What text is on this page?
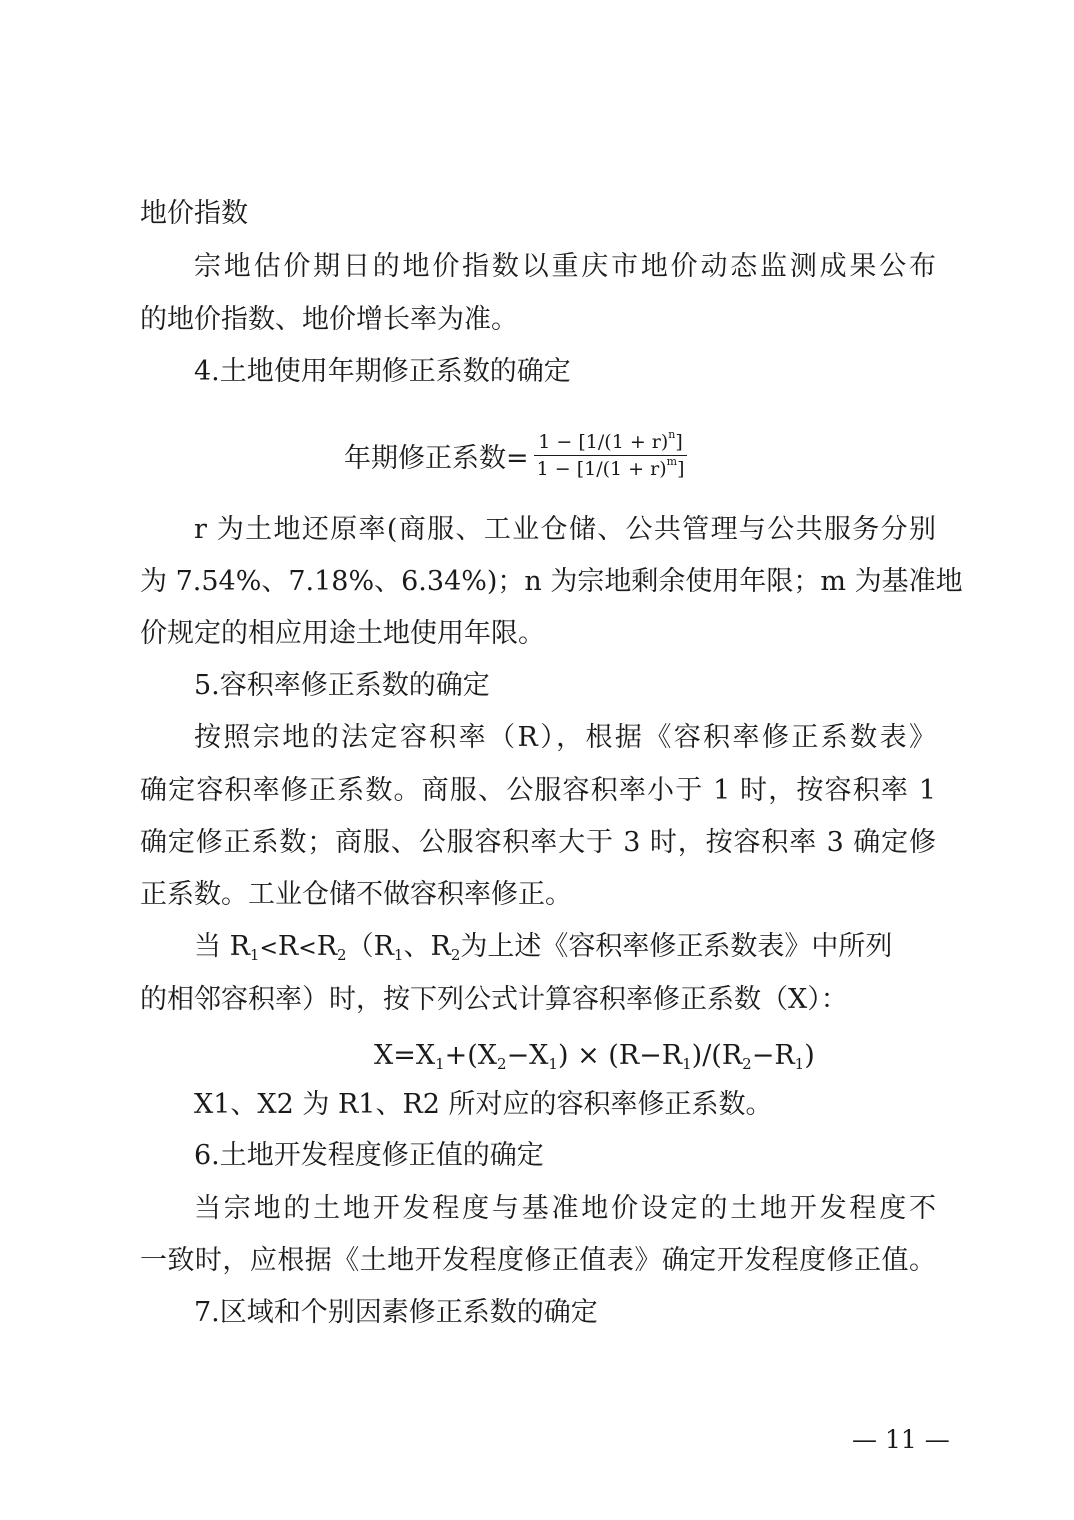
地价指数
宗地估价期日的地价指数以重庆市地价动态监测成果公布
的地价指数、地价增长率为准。
4.土地使用年期修正系数的确定
年期修正系数= $\frac{1 - [1/(1 + r)^n]}{1 - [1/(1 + r)^m]}$
r 为土地还原率(商服、工业仓储、公共管理与公共服务分别
为 7.54%、7.18%、6.34%)；n 为宗地剩余使用年限；m 为基准地
价规定的相应用途土地使用年限。
5.容积率修正系数的确定
按照宗地的法定容积率（R），根据《容积率修正系数表》
确定容积率修正系数。商服、公服容积率小于 1 时，按容积率 1
确定修正系数；商服、公服容积率大于 3 时，按容积率 3 确定修
正系数。工业仓储不做容积率修正。
当 $R_1<R<R_2(R_1$、$R_2$为上述《容积率修正系数表》中所列
的相邻容积率）时，按下列公式计算容积率修正系数（X）：
$X=X_1+(X_2-X_1) \times (R-R_1)/(R_2-R_1)$
X1、X2 为 R1、R2 所对应的容积率修正系数。
6.土地开发程度修正值的确定
当宗地的土地开发程度与基准地价设定的土地开发程度不
一致时，应根据《土地开发程度修正值表》确定开发程度修正值。
7.区域和个别因素修正系数的确定
— 11 —
